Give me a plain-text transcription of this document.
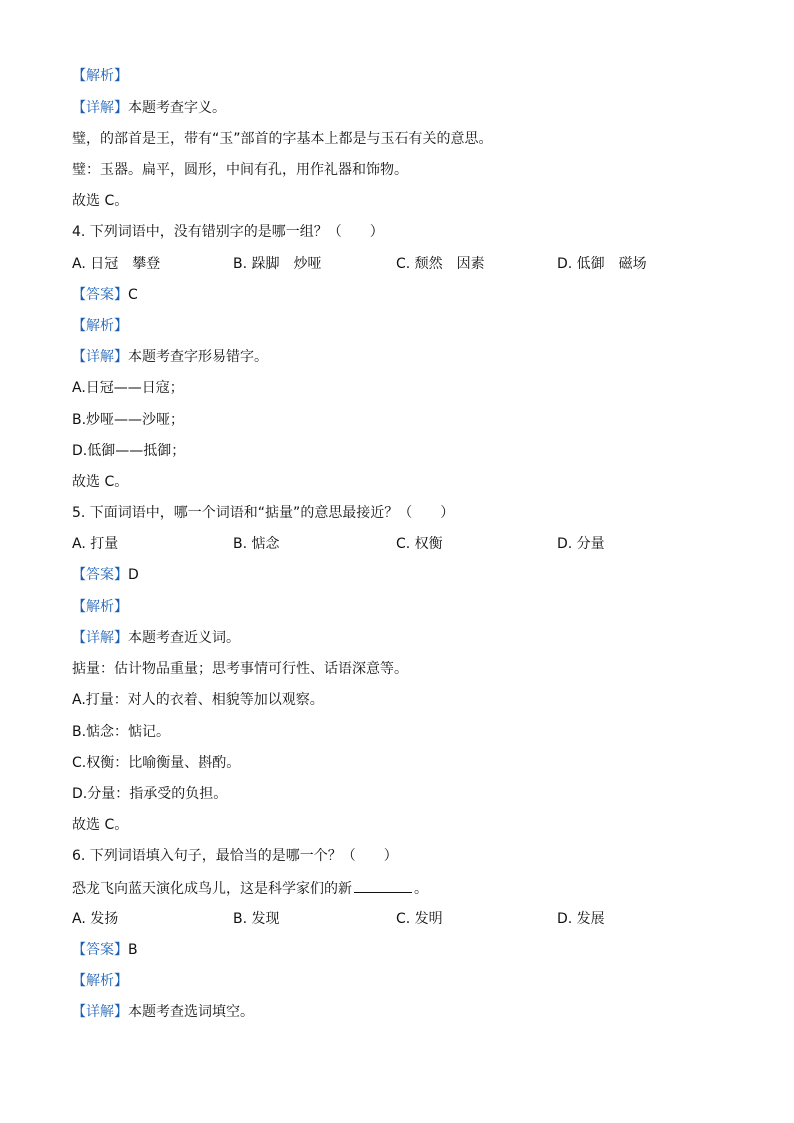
【解析】
【详解】本题考查字义。
璧，的部首是王，带有“玉”部首的字基本上都是与玉石有关的意思。
璧：玉器。扁平，圆形，中间有孔，用作礼器和饰物。
故选 C。
4. 下列词语中，没有错别字的是哪一组？（　　）
A. 日冠　攀登	B. 跺脚　炒哑	C. 颓然　因素	D. 低御　磁场
【答案】C
【解析】
【详解】本题考查字形易错字。
A.日冠——日寇；
B.炒哑——沙哑；
D.低御——抵御；
故选 C。
5. 下面词语中，哪一个词语和“掂量”的意思最接近？（　　）
A. 打量	B. 惦念	C. 权衡	D. 分量
【答案】D
【解析】
【详解】本题考查近义词。
掂量：估计物品重量；思考事情可行性、话语深意等。
A.打量：对人的衣着、相貌等加以观察。
B.惦念：惦记。
C.权衡：比喻衡量、斟酌。
D.分量：指承受的负担。
故选 C。
6. 下列词语填入句子，最恰当的是哪一个？（　　）
恐龙飞向蓝天演化成鸟儿，这是科学家们的新	。
A. 发扬	B. 发现	C. 发明	D. 发展
【答案】B
【解析】
【详解】本题考查选词填空。
